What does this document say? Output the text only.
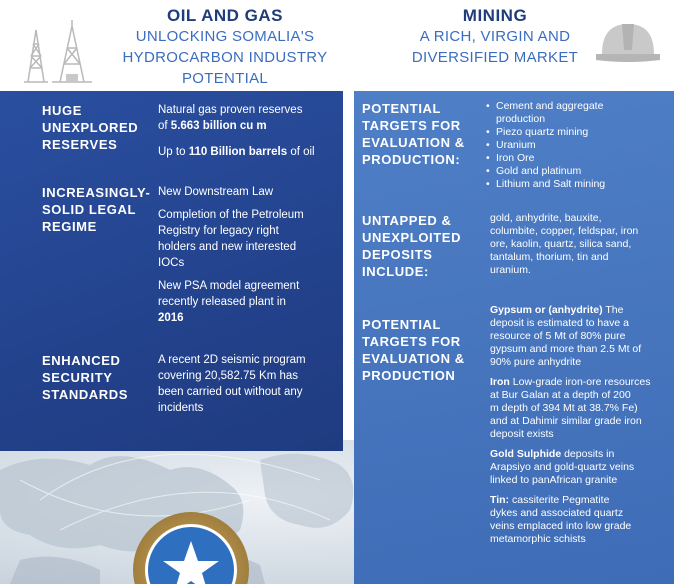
OIL AND GAS
UNLOCKING SOMALIA'S
HYDROCARBON INDUSTRY
POTENTIAL
MINING
A RICH, VIRGIN AND
DIVERSIFIED MARKET
HUGE
UNEXPLORED
RESERVES
Natural gas proven reserves
of 5.663 billion cu m
Up to 110 Billion barrels of oil
INCREASINGLY-
SOLID LEGAL
REGIME
New Downstream Law
Completion of the Petroleum
Registry for legacy right
holders and new interested
IOCs
New PSA model agreement
recently released plant in
2016
ENHANCED
SECURITY
STANDARDS
A recent 2D seismic program
covering 20,582.75 Km has
been carried out without any
incidents
POTENTIAL
TARGETS FOR
EVALUATION &
PRODUCTION:
• Cement and aggregate
production
• Piezo quartz mining
• Uranium
• Iron Ore
• Gold and platinum
• Lithium and Salt mining
UNTAPPED &
UNEXPLOITED
DEPOSITS
INCLUDE:
gold, anhydrite, bauxite,
columbite, copper, feldspar, iron
ore, kaolin, quartz, silica sand,
tantalum, thorium, tin and
uranium.
POTENTIAL
TARGETS FOR
EVALUATION &
PRODUCTION
Gypsum or (anhydrite) The
deposit is estimated to have a
resource of 5 Mt of 80% pure
gypsum and more than 2.5 Mt of
90% pure anhydrite
Iron Low-grade iron-ore resources
at Bur Galan at a depth of 200
m depth of 394 Mt at 38.7% Fe)
and at Dahimir similar grade iron
deposit exists
Gold Sulphide deposits in
Arapsiyo and gold-quartz veins
linked to panAfrican granite
Tin: cassiterite Pegmatite
dykes and associated quartz
veins emplaced into low grade
metamorphic schists
